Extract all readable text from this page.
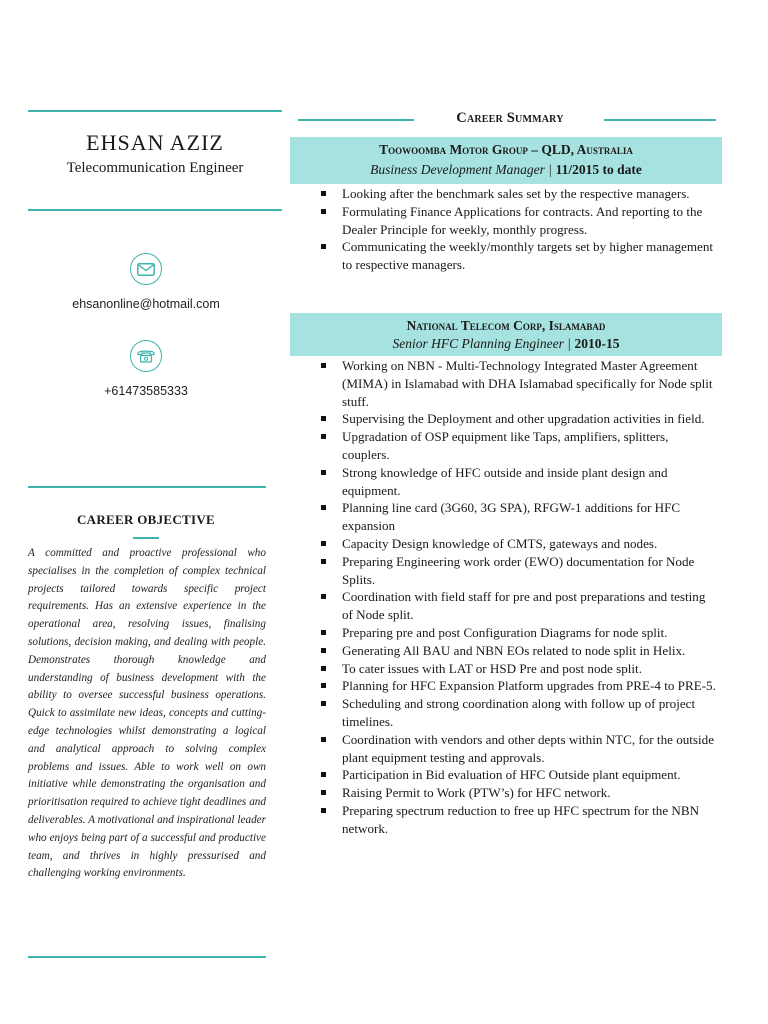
EHSAN AZIZ
Telecommunication Engineer
ehsanonline@hotmail.com
+61473585333
CAREER OBJECTIVE
A committed and proactive professional who specialises in the completion of complex technical projects tailored towards specific project requirements. Has an extensive experience in the operational area, resolving issues, finalising solutions, decision making, and dealing with people. Demonstrates thorough knowledge and understanding of business development with the ability to oversee successful business operations. Quick to assimilate new ideas, concepts and cutting-edge technologies whilst demonstrating a logical and analytical approach to solving complex problems and issues. Able to work well on own initiative while demonstrating the organisation and prioritisation required to achieve tight deadlines and deliverables. A motivational and inspirational leader who enjoys being part of a successful and productive team, and thrives in highly pressurised and challenging working environments.
Career Summary
Toowoomba Motor Group – QLD, Australia
Business Development Manager | 11/2015 to date
Looking after the benchmark sales set by the respective managers.
Formulating Finance Applications for contracts. And reporting to the Dealer Principle for weekly, monthly progress.
Communicating the weekly/monthly targets set by higher management to respective managers.
National Telecom Corp, Islamabad
Senior HFC Planning Engineer | 2010-15
Working on NBN - Multi-Technology Integrated Master Agreement (MIMA) in Islamabad with DHA Islamabad specifically for Node split stuff.
Supervising the Deployment and other upgradation activities in field.
Upgradation of OSP equipment like Taps, amplifiers, splitters, couplers.
Strong knowledge of HFC outside and inside plant design and equipment.
Planning line card (3G60, 3G SPA), RFGW-1 additions for HFC expansion
Capacity Design knowledge of CMTS, gateways and nodes.
Preparing Engineering work order (EWO) documentation for Node Splits.
Coordination with field staff for pre and post preparations and testing of Node split.
Preparing pre and post Configuration Diagrams for node split.
Generating All BAU and NBN EOs related to node split in Helix.
To cater issues with LAT or HSD Pre and post node split.
Planning for HFC Expansion Platform upgrades from PRE-4 to PRE-5.
Scheduling and strong coordination along with follow up of project timelines.
Coordination with vendors and other depts within NTC, for the outside plant equipment testing and approvals.
Participation in Bid evaluation of HFC Outside plant equipment.
Raising Permit to Work (PTW’s) for HFC network.
Preparing spectrum reduction to free up HFC spectrum for the NBN network.
